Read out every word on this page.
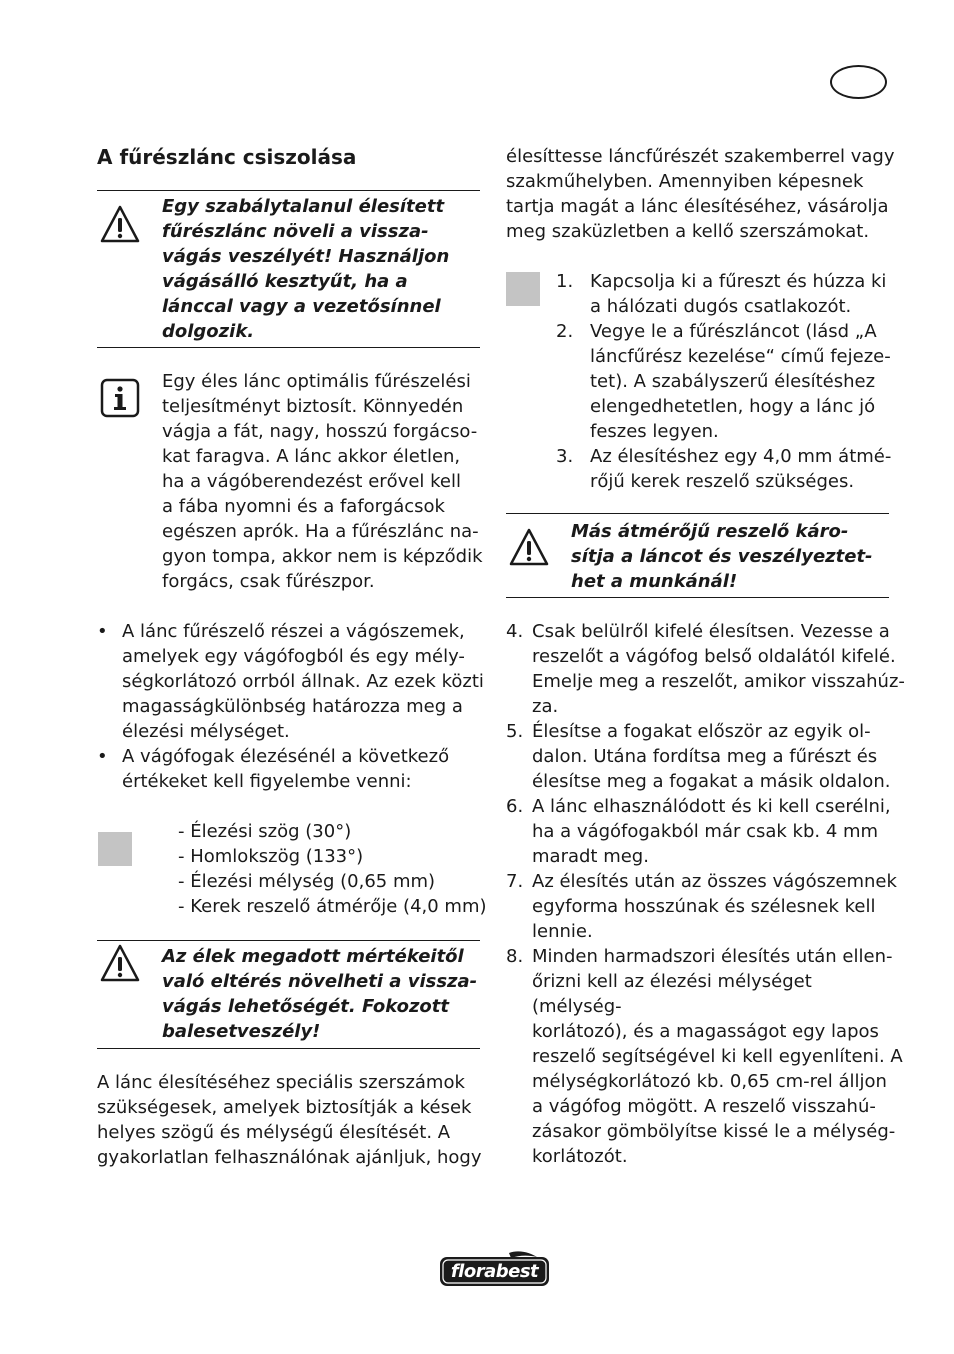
A fűrészlánc csiszolása
Egy szabálytalanul élesített
fűrészlánc növeli a vissza-
vágás veszélyét! Használjon
vágásálló kesztyűt, ha a
lánccal vagy a vezetősínnel
dolgozik.
Egy éles lánc optimális fűrészelési
teljesítményt biztosít. Könnyedén
vágja a fát, nagy, hosszú forgácso-
kat faragva. A lánc akkor életlen,
ha a vágóberendezést erővel kell
a fába nyomni és a faforgácsok
egészen aprók. Ha a fűrészlánc na-
gyon tompa, akkor nem is képződik
forgács, csak fűrészpor.
• A lánc fűrészelő részei a vágószemek,
amelyek egy vágófogból és egy mély-
ségkorlátozó orrból állnak. Az ezek közti
magasságkülönbség határozza meg a
élezési mélységet.
• A vágófogak élezésénél a következő
értékeket kell figyelembe venni:
- Élezési szög (30°)
- Homlokszög (133°)
- Élezési mélység (0,65 mm)
- Kerek reszelő átmérője (4,0 mm)
Az élek megadott mértékeitől
való eltérés növelheti a vissza-
vágás lehetőségét. Fokozott
balesetveszély!
A lánc élesítéséhez speciális szerszámok
szükségesek, amelyek biztosítják a kések
helyes szögű és mélységű élesítését. A
gyakorlatlan felhasználónak ajánljuk, hogy
élesíttesse láncfűrészét szakemberrel vagy
szakműhelyben. Amennyiben képesnek
tartja magát a lánc élesítéséhez, vásárolja
meg szaküzletben a kellő szerszámokat.
1. Kapcsolja ki a fűreszt és húzza ki
a hálózati dugós csatlakozót.
2. Vegye le a fűrészláncot (lásd „A
láncfűrész kezelése“ című fejeze-
tet). A szabályszerű élesítéshez
elengedhetetlen, hogy a lánc jó
feszes legyen.
3. Az élesítéshez egy 4,0 mm átmé-
rőjű kerek reszelő szükséges.
Más átmérőjű reszelő káro-
sítja a láncot és veszélyeztet-
het a munkánál!
4. Csak belülről kifelé élesítsen. Vezesse a
reszelőt a vágófog belső oldalától kifelé.
Emelje meg a reszelőt, amikor visszahúz-
za.
5. Élesítse a fogakat először az egyik ol-
dalon. Utána fordítsa meg a fűrészt és
élesítse meg a fogakat a másik oldalon.
6. A lánc elhasználódott és ki kell cserélni,
ha a vágófogakból már csak kb. 4 mm
maradt meg.
7. Az élesítés után az összes vágószemnek
egyforma hosszúnak és szélesnek kell
lennie.
8. Minden harmadszori élesítés után ellen-
őrizni kell az élezési mélységet (mélység-
korlátozó), és a magasságot egy lapos
reszelő segítségével ki kell egyenlíteni. A
mélységkorlátozó kb. 0,65 cm-rel álljon
a vágófog mögött. A reszelő visszahú-
zásakor gömbölyítse kissé le a mélység-
korlátozót.
florabest
